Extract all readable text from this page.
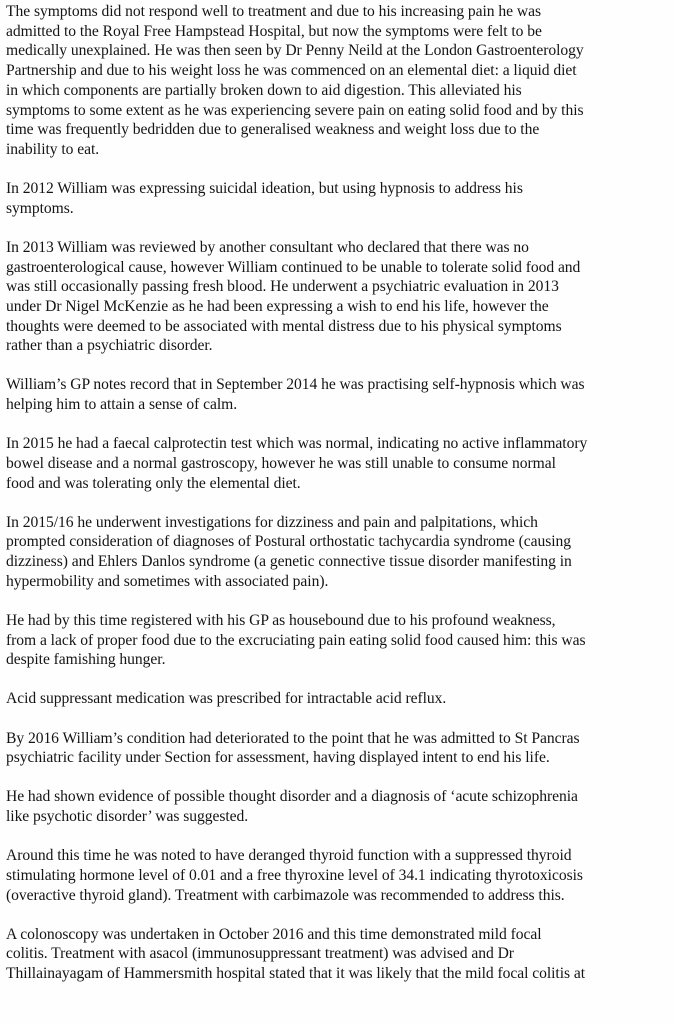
The symptoms did not respond well to treatment and due to his increasing pain he was
admitted to the Royal Free Hampstead Hospital, but now the symptoms were felt to be
medically unexplained. He was then seen by Dr Penny Neild at the London Gastroenterology
Partnership and due to his weight loss he was commenced on an elemental diet: a liquid diet
in which components are partially broken down to aid digestion. This alleviated his
symptoms to some extent as he was experiencing severe pain on eating solid food and by this
time was frequently bedridden due to generalised weakness and weight loss due to the
inability to eat.

In 2012 William was expressing suicidal ideation, but using hypnosis to address his
symptoms.

In 2013 William was reviewed by another consultant who declared that there was no
gastroenterological cause, however William continued to be unable to tolerate solid food and
was still occasionally passing fresh blood. He underwent a psychiatric evaluation in 2013
under Dr Nigel McKenzie as he had been expressing a wish to end his life, however the
thoughts were deemed to be associated with mental distress due to his physical symptoms
rather than a psychiatric disorder.

William’s GP notes record that in September 2014 he was practising self-hypnosis which was
helping him to attain a sense of calm.

In 2015 he had a faecal calprotectin test which was normal, indicating no active inflammatory
bowel disease and a normal gastroscopy, however he was still unable to consume normal
food and was tolerating only the elemental diet.

In 2015/16 he underwent investigations for dizziness and pain and palpitations, which
prompted consideration of diagnoses of Postural orthostatic tachycardia syndrome (causing
dizziness) and Ehlers Danlos syndrome (a genetic connective tissue disorder manifesting in
hypermobility and sometimes with associated pain).

He had by this time registered with his GP as housebound due to his profound weakness,
from a lack of proper food due to the excruciating pain eating solid food caused him: this was
despite famishing hunger.

Acid suppressant medication was prescribed for intractable acid reflux.

By 2016 William’s condition had deteriorated to the point that he was admitted to St Pancras
psychiatric facility under Section for assessment, having displayed intent to end his life.

He had shown evidence of possible thought disorder and a diagnosis of ‘acute schizophrenia
like psychotic disorder’ was suggested.

Around this time he was noted to have deranged thyroid function with a suppressed thyroid
stimulating hormone level of 0.01 and a free thyroxine level of 34.1 indicating thyrotoxicosis
(overactive thyroid gland). Treatment with carbimazole was recommended to address this.

A colonoscopy was undertaken in October 2016 and this time demonstrated mild focal
colitis. Treatment with asacol (immunosuppressant treatment) was advised and Dr
Thillainayagam of Hammersmith hospital stated that it was likely that the mild focal colitis at
